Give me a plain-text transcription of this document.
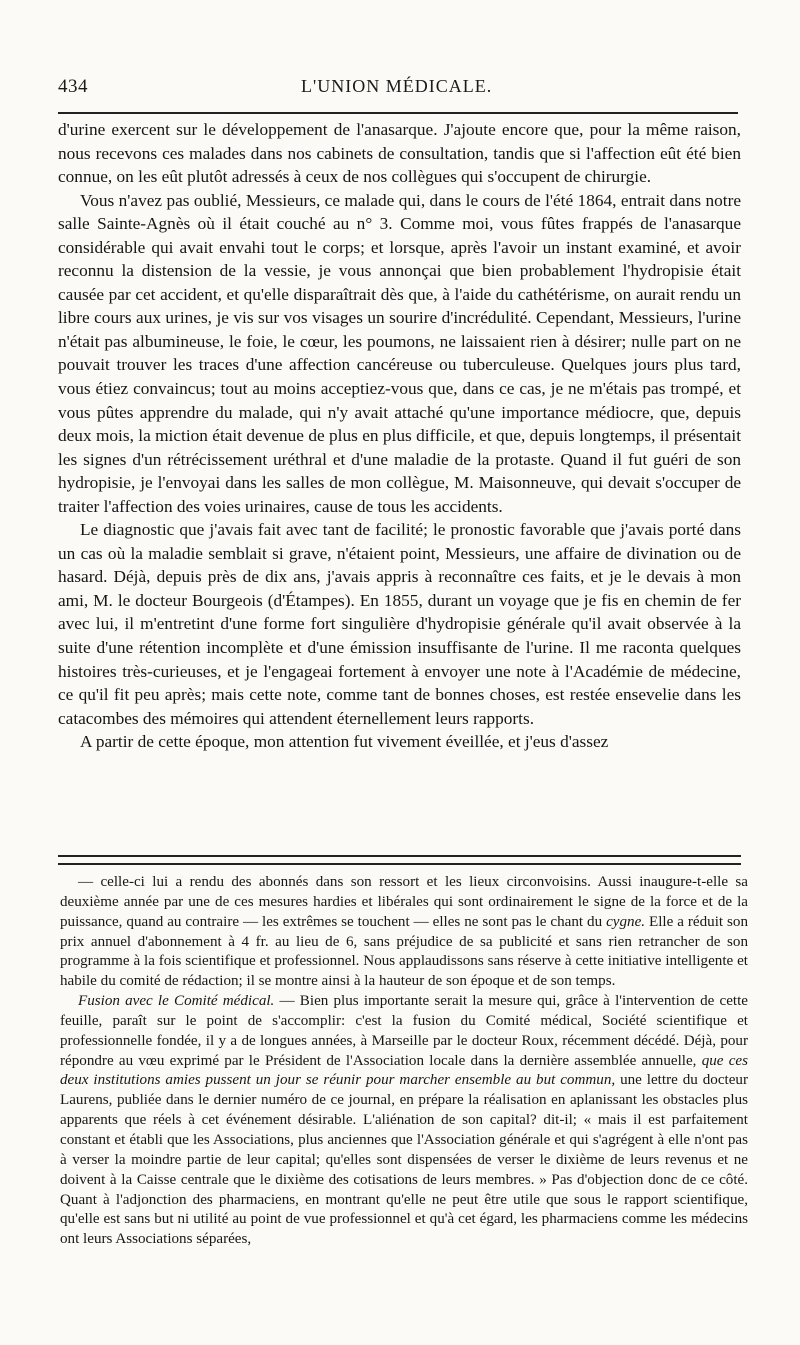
434	L'UNION MÉDICALE.

d'urine exercent sur le développement de l'anasarque. J'ajoute encore que, pour la même raison, nous recevons ces malades dans nos cabinets de consultation, tandis que si l'affection eût été bien connue, on les eût plutôt adressés à ceux de nos collègues qui s'occupent de chirurgie.

Vous n'avez pas oublié, Messieurs, ce malade qui, dans le cours de l'été 1864, entrait dans notre salle Sainte-Agnès où il était couché au n° 3. Comme moi, vous fûtes frappés de l'anasarque considérable qui avait envahi tout le corps; et lorsque, après l'avoir un instant examiné, et avoir reconnu la distension de la vessie, je vous annonçai que bien probablement l'hydropisie était causée par cet accident, et qu'elle disparaîtrait dès que, à l'aide du cathétérisme, on aurait rendu un libre cours aux urines, je vis sur vos visages un sourire d'incrédulité. Cependant, Messieurs, l'urine n'était pas albumineuse, le foie, le cœur, les poumons, ne laissaient rien à désirer; nulle part on ne pouvait trouver les traces d'une affection cancéreuse ou tuberculeuse. Quelques jours plus tard, vous étiez convaincus; tout au moins acceptiez-vous que, dans ce cas, je ne m'étais pas trompé, et vous pûtes apprendre du malade, qui n'y avait attaché qu'une importance médiocre, que, depuis deux mois, la miction était devenue de plus en plus difficile, et que, depuis longtemps, il présentait les signes d'un rétrécissement uréthral et d'une maladie de la protaste. Quand il fut guéri de son hydropisie, je l'envoyai dans les salles de mon collègue, M. Maisonneuve, qui devait s'occuper de traiter l'affection des voies urinaires, cause de tous les accidents.

Le diagnostic que j'avais fait avec tant de facilité; le pronostic favorable que j'avais porté dans un cas où la maladie semblait si grave, n'étaient point, Messieurs, une affaire de divination ou de hasard. Déjà, depuis près de dix ans, j'avais appris à reconnaître ces faits, et je le devais à mon ami, M. le docteur Bourgeois (d'Étampes). En 1855, durant un voyage que je fis en chemin de fer avec lui, il m'entretint d'une forme fort singulière d'hydropisie générale qu'il avait observée à la suite d'une rétention incomplète et d'une émission insuffisante de l'urine. Il me raconta quelques histoires très-curieuses, et je l'engageai fortement à envoyer une note à l'Académie de médecine, ce qu'il fit peu après; mais cette note, comme tant de bonnes choses, est restée ensevelie dans les catacombes des mémoires qui attendent éternellement leurs rapports.

A partir de cette époque, mon attention fut vivement éveillée, et j'eus d'assez

— celle-ci lui a rendu des abonnés dans son ressort et les lieux circonvoisins. Aussi inaugure-t-elle sa deuxième année par une de ces mesures hardies et libérales qui sont ordinairement le signe de la force et de la puissance, quand au contraire — les extrêmes se touchent — elles ne sont pas le chant du cygne. Elle a réduit son prix annuel d'abonnement à 4 fr. au lieu de 6, sans préjudice de sa publicité et sans rien retrancher de son programme à la fois scientifique et professionnel. Nous applaudissons sans réserve à cette initiative intelligente et habile du comité de rédaction; il se montre ainsi à la hauteur de son époque et de son temps.

Fusion avec le Comité médical. — Bien plus importante serait la mesure qui, grâce à l'intervention de cette feuille, paraît sur le point de s'accomplir: c'est la fusion du Comité médical, Société scientifique et professionnelle fondée, il y a de longues années, à Marseille par le docteur Roux, récemment décédé. Déjà, pour répondre au vœu exprimé par le Président de l'Association locale dans la dernière assemblée annuelle, que ces deux institutions amies pussent un jour se réunir pour marcher ensemble au but commun, une lettre du docteur Laurens, publiée dans le dernier numéro de ce journal, en prépare la réalisation en aplanissant les obstacles plus apparents que réels à cet événement désirable. L'aliénation de son capital? dit-il; « mais il est parfaitement constant et établi que les Associations, plus anciennes que l'Association générale et qui s'agrégent à elle n'ont pas à verser la moindre partie de leur capital; qu'elles sont dispensées de verser le dixième de leurs revenus et ne doivent à la Caisse centrale que le dixième des cotisations de leurs membres. » Pas d'objection donc de ce côté. Quant à l'adjonction des pharmaciens, en montrant qu'elle ne peut être utile que sous le rapport scientifique, qu'elle est sans but ni utilité au point de vue professionnel et qu'à cet égard, les pharmaciens comme les médecins ont leurs Associations séparées,
